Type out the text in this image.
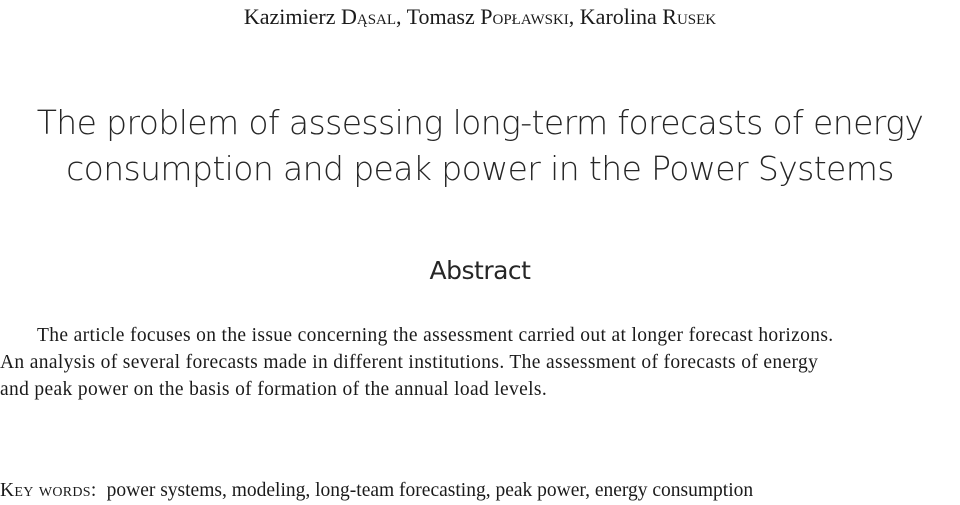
Kazimierz Dąsal, Tomasz Popławski, Karolina Rusek
The problem of assessing long-term forecasts of energy
consumption and peak power in the Power Systems
Abstract
The article focuses on the issue concerning the assessment carried out at longer forecast horizons.
An analysis of several forecasts made in different institutions. The assessment of forecasts of energy
and peak power on the basis of formation of the annual load levels.
Key words: power systems, modeling, long-team forecasting, peak power, energy consumption
